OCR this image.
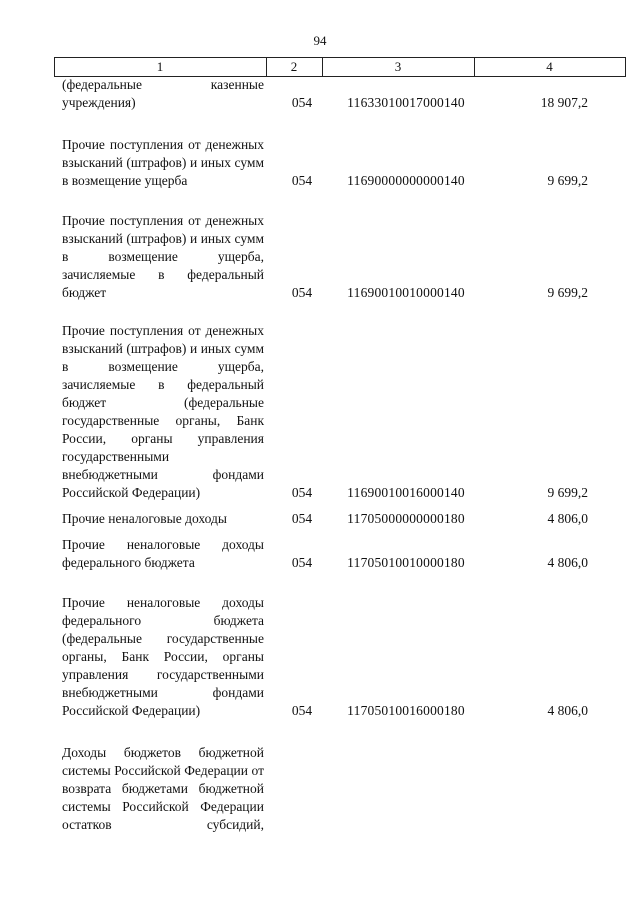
94
1	2	3	4
(федеральные казенные учреждения)	054	11633010017000140	18 907,2
Прочие поступления от денежных взысканий (штрафов) и иных сумм в возмещение ущерба	054	11690000000000140	9 699,2
Прочие поступления от денежных взысканий (штрафов) и иных сумм в возмещение ущерба, зачисляемые в федеральный бюджет	054	11690010010000140	9 699,2
Прочие поступления от денежных взысканий (штрафов) и иных сумм в возмещение ущерба, зачисляемые в федеральный бюджет (федеральные государственные органы, Банк России, органы управления государственными внебюджетными фондами Российской Федерации)	054	11690010016000140	9 699,2
Прочие неналоговые доходы	054	11705000000000180	4 806,0
Прочие неналоговые доходы федерального бюджета	054	11705010010000180	4 806,0
Прочие неналоговые доходы федерального бюджета (федеральные государственные органы, Банк России, органы управления государственными внебюджетными фондами Российской Федерации)	054	11705010016000180	4 806,0
Доходы бюджетов бюджетной системы Российской Федерации от возврата бюджетами бюджетной системы Российской Федерации остатков субсидий,
